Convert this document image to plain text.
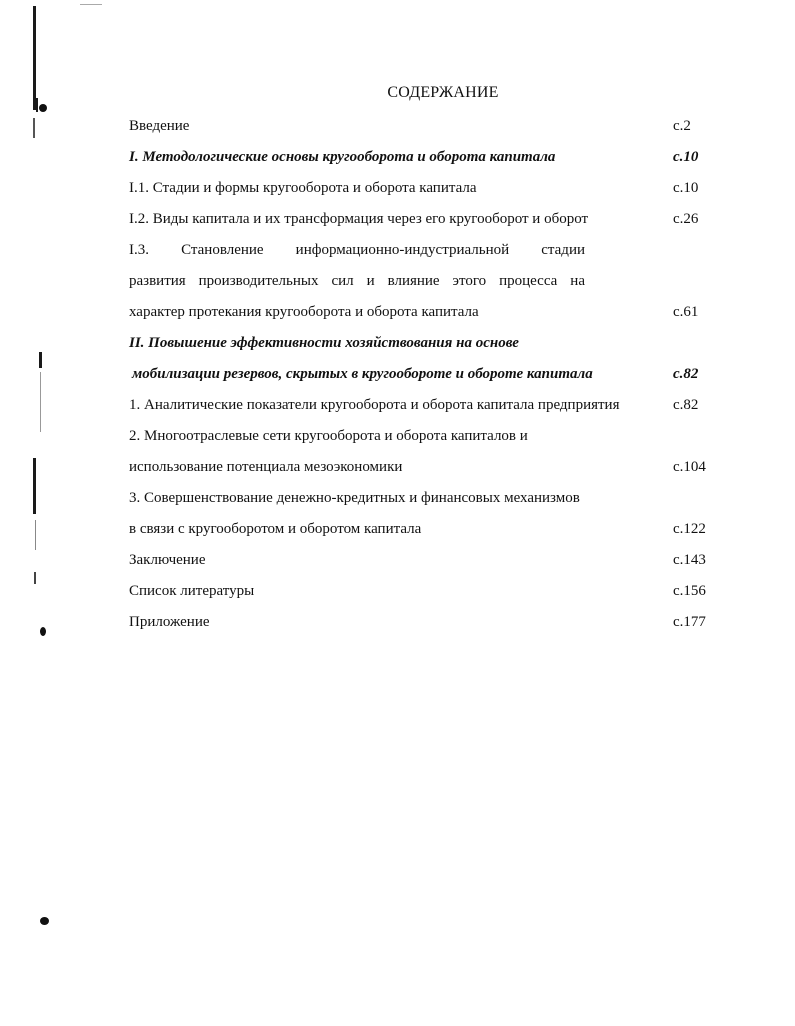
СОДЕРЖАНИЕ
Введение	с.2
I. Методологические основы кругооборота и оборота капитала	с.10
I.1. Стадии и формы кругооборота и оборота капитала	с.10
I.2. Виды капитала и их трансформация через его кругооборот и оборот	с.26
I.3. Становление информационно-индустриальной стадии
развития производительных сил и влияние этого процесса на
характер протекания кругооборота и оборота капитала	с.61
II. Повышение эффективности хозяйствования на основе
мобилизации резервов, скрытых в кругообороте и обороте капитала	с.82
1. Аналитические показатели кругооборота и оборота капитала предприятия	с.82
2. Многоотраслевые сети кругооборота и оборота капиталов и
использование потенциала мезоэкономики	с.104
3. Совершенствование денежно-кредитных и финансовых механизмов
в связи с кругооборотом и оборотом капитала	с.122
Заключение	с.143
Список литературы	с.156
Приложение	с.177
